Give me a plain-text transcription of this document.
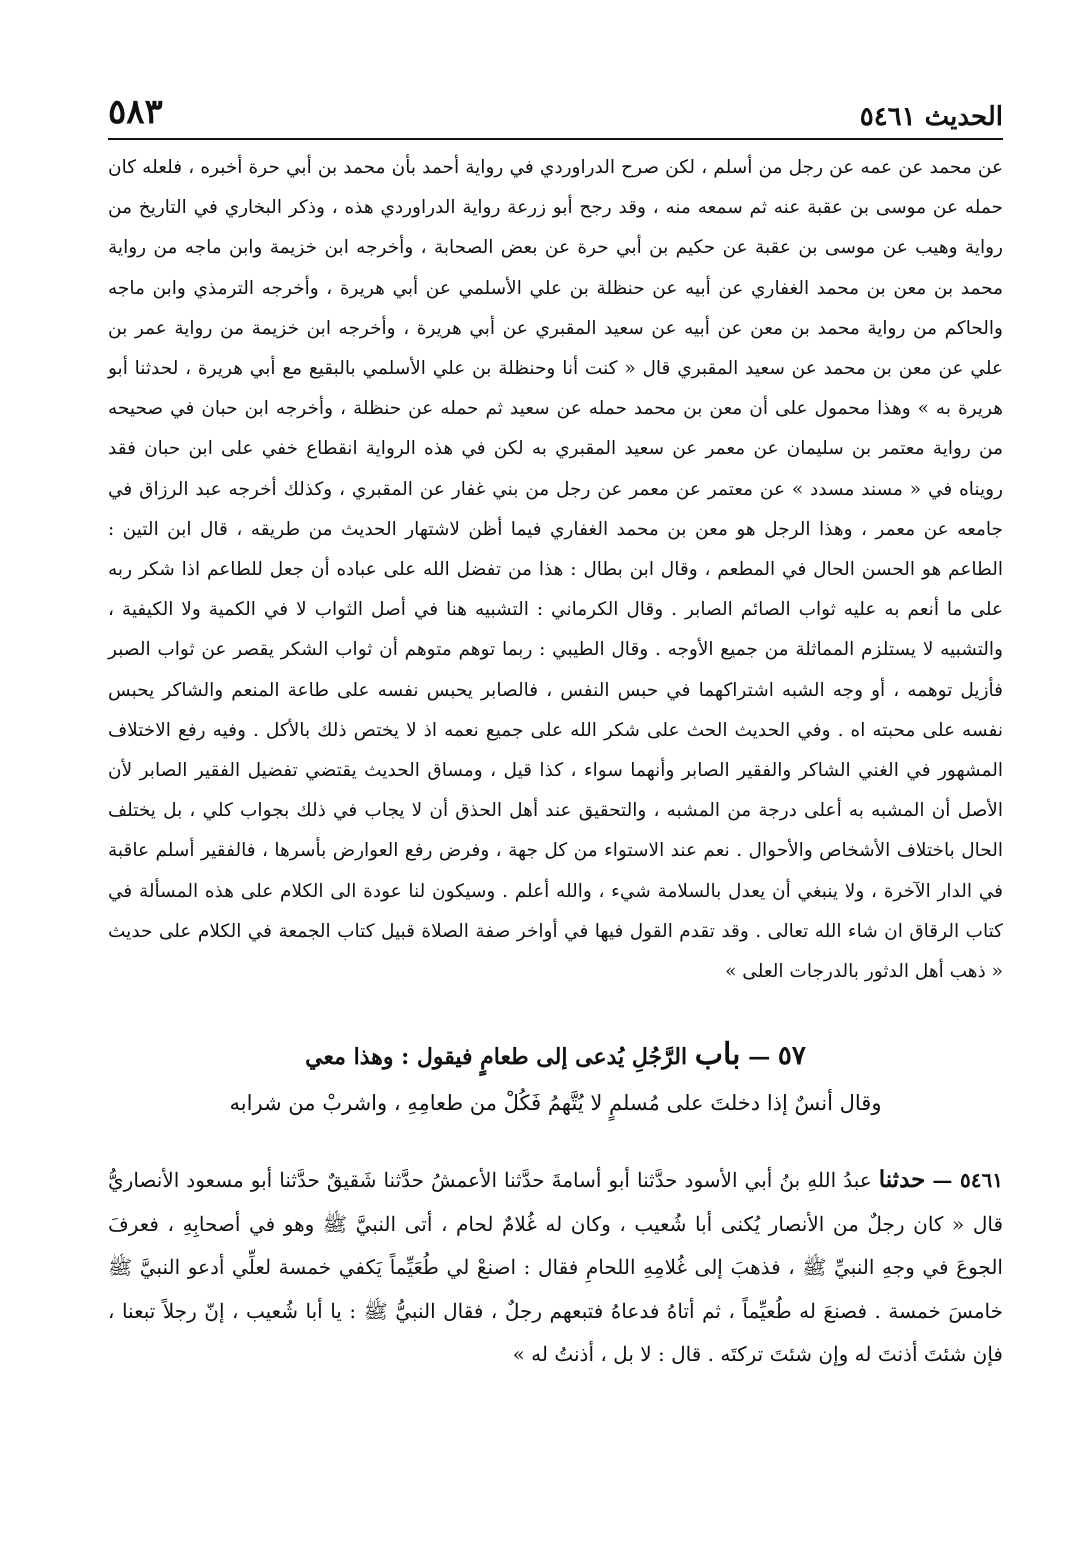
الحديث ٥٤٦١
٥٨٣

عن محمد عن عمه عن رجل من أسلم ، لكن صرح الدراوردي في رواية أحمد بأن محمد بن أبي حرة أخبره ، فلعله كان حمله عن موسى بن عقبة عنه ثم سمعه منه ، وقد رجح أبو زرعة رواية الدراوردي هذه ، وذكر البخاري في التاريخ من رواية وهيب عن موسى بن عقبة عن حكيم بن أبي حرة عن بعض الصحابة ، وأخرجه ابن خزيمة وابن ماجه من رواية محمد بن معن بن محمد الغفاري عن أبيه عن حنظلة بن علي الأسلمي عن أبي هريرة ، وأخرجه الترمذي وابن ماجه والحاكم من رواية محمد بن معن عن أبيه عن سعيد المقبري عن أبي هريرة ، وأخرجه ابن خزيمة من رواية عمر بن علي عن معن بن محمد عن سعيد المقبري قال « كنت أنا وحنظلة بن علي الأسلمي بالبقيع مع أبي هريرة ، لحدثنا أبو هريرة به » وهذا محمول على أن معن بن محمد حمله عن سعيد ثم حمله عن حنظلة ، وأخرجه ابن حبان في صحيحه من رواية معتمر بن سليمان عن معمر عن سعيد المقبري به لكن في هذه الرواية انقطاع خفي على ابن حبان فقد رويناه في « مسند مسدد » عن معتمر عن معمر عن رجل من بني غفار عن المقبري ، وكذلك أخرجه عبد الرزاق في جامعه عن معمر ، وهذا الرجل هو معن بن محمد الغفاري فيما أظن لاشتهار الحديث من طريقه ، قال ابن التين : الطاعم هو الحسن الحال في المطعم ، وقال ابن بطال : هذا من تفضل الله على عباده أن جعل للطاعم اذا شكر ربه على ما أنعم به عليه ثواب الصائم الصابر . وقال الكرماني : التشبيه هنا في أصل الثواب لا في الكمية ولا الكيفية ، والتشبيه لا يستلزم المماثلة من جميع الأوجه . وقال الطيبي : ربما توهم متوهم أن ثواب الشكر يقصر عن ثواب الصبر فأزيل توهمه ، أو وجه الشبه اشتراكهما في حبس النفس ، فالصابر يحبس نفسه على طاعة المنعم والشاكر يحبس نفسه على محبته اه . وفي الحديث الحث على شكر الله على جميع نعمه اذ لا يختص ذلك بالأكل . وفيه رفع الاختلاف المشهور في الغني الشاكر والفقير الصابر وأنهما سواء ، كذا قيل ، ومساق الحديث يقتضي تفضيل الفقير الصابر لأن الأصل أن المشبه به أعلى درجة من المشبه ، والتحقيق عند أهل الحذق أن لا يجاب في ذلك بجواب كلي ، بل يختلف الحال باختلاف الأشخاص والأحوال . نعم عند الاستواء من كل جهة ، وفرض رفع العوارض بأسرها ، فالفقير أسلم عاقبة في الدار الآخرة ، ولا ينبغي أن يعدل بالسلامة شيء ، والله أعلم . وسيكون لنا عودة الى الكلام على هذه المسألة في كتاب الرقاق ان شاء الله تعالى . وقد تقدم القول فيها في أواخر صفة الصلاة قبيل كتاب الجمعة في الكلام على حديث « ذهب أهل الدثور بالدرجات العلى »

٥٧ — باب الرَّجُلِ يُدعى إلى طعامٍ فيقول : وهذا معي
وقال أنسٌ إذا دخلتَ على مُسلمٍ لا يُتَّهمُ فَكُلْ من طعامِهِ ، واشربْ من شرابه

٥٤٦١ — حدثنا عبدُ اللهِ بنُ أبي الأسود حدَّثنا أبو أسامةَ حدَّثنا الأعمشُ حدَّثنا شَقيقٌ حدَّثنا أبو مسعود الأنصاريُّ قال « كان رجلٌ من الأنصار يُكنى أبا شُعيب ، وكان له غُلامٌ لحام ، أتى النبيَّ ﷺ وهو في أصحابِهِ ، فعرفَ الجوعَ في وجهِ النبيِّ ﷺ ، فذهبَ إلى غُلامِهِ اللحامِ فقال : اصنعْ لي طُعَيِّماً يَكفي خمسة لعلِّي أدعو النبيَّ ﷺ خامسَ خمسة . فصنعَ له طُعيِّماً ، ثم أتاهُ فدعاهُ فتبعهم رجلٌ ، فقال النبيُّ ﷺ : يا أبا شُعيب ، إنّ رجلاً تبعنا ، فإن شئتَ أذنتَ له وإن شئتَ تركتَه . قال : لا بل ، أذنتُ له »
